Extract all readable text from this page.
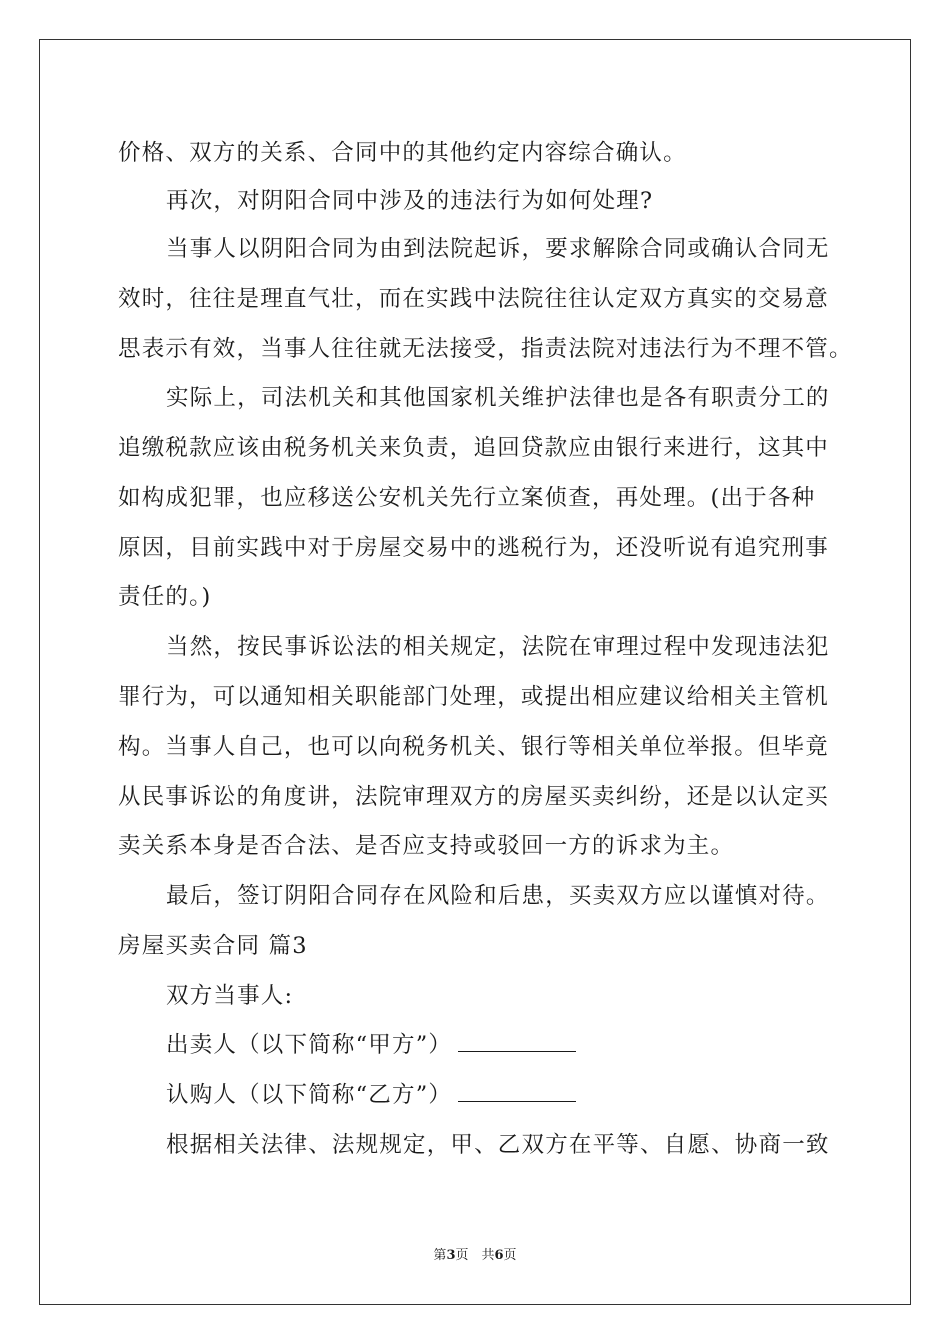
价格、双方的关系、合同中的其他约定内容综合确认。
再次，对阴阳合同中涉及的违法行为如何处理?
当事人以阴阳合同为由到法院起诉，要求解除合同或确认合同无
效时，往往是理直气壮，而在实践中法院往往认定双方真实的交易意
思表示有效，当事人往往就无法接受，指责法院对违法行为不理不管。
实际上，司法机关和其他国家机关维护法律也是各有职责分工的
追缴税款应该由税务机关来负责，追回贷款应由银行来进行，这其中
如构成犯罪，也应移送公安机关先行立案侦查，再处理。(出于各种
原因，目前实践中对于房屋交易中的逃税行为，还没听说有追究刑事
责任的。)
当然，按民事诉讼法的相关规定，法院在审理过程中发现违法犯
罪行为，可以通知相关职能部门处理，或提出相应建议给相关主管机
构。当事人自己，也可以向税务机关、银行等相关单位举报。但毕竟
从民事诉讼的角度讲，法院审理双方的房屋买卖纠纷，还是以认定买
卖关系本身是否合法、是否应支持或驳回一方的诉求为主。
最后，签订阴阳合同存在风险和后患，买卖双方应以谨慎对待。
房屋买卖合同 篇3
双方当事人:
出卖人（以下简称“甲方”）
认购人（以下简称“乙方”）
根据相关法律、法规规定，甲、乙双方在平等、自愿、协商一致
第3页　共6页
